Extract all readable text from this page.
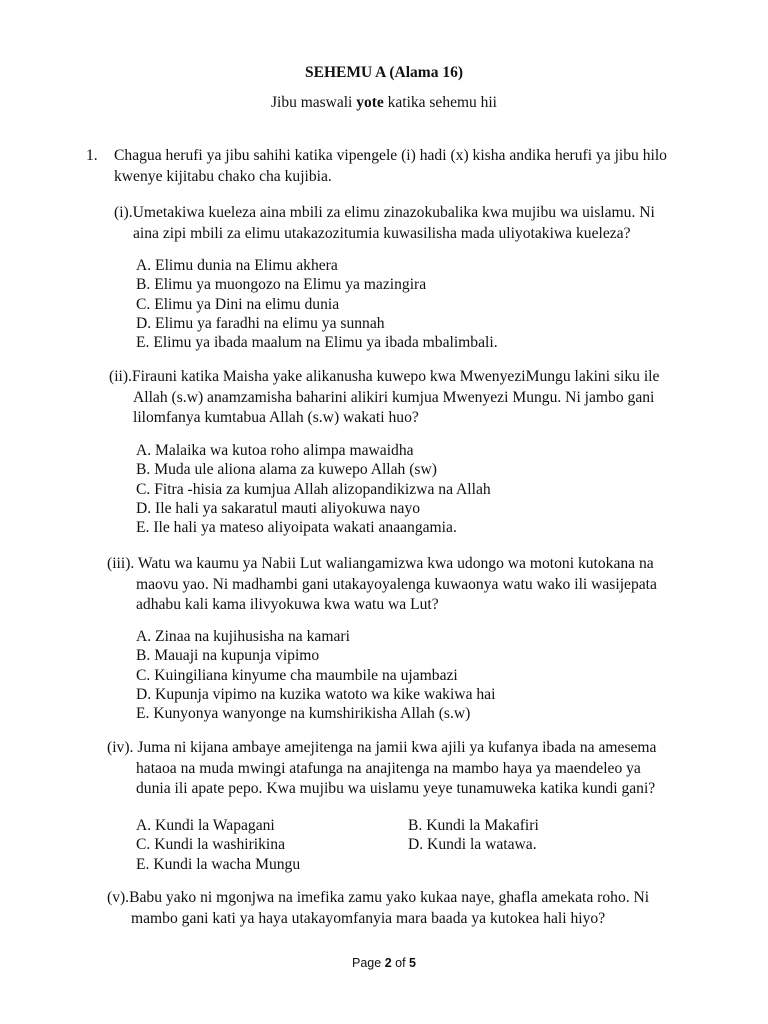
SEHEMU A (Alama 16)
Jibu maswali yote katika sehemu hii
1. Chagua herufi ya jibu sahihi katika vipengele (i) hadi (x) kisha andika herufi ya jibu hilo
kwenye kijitabu chako cha kujibia.
(i).Umetakiwa kueleza aina mbili za elimu zinazokubalika kwa mujibu wa uislamu. Ni
aina zipi mbili za elimu utakazozitumia kuwasilisha mada uliyotakiwa kueleza?
A. Elimu dunia na Elimu akhera
B. Elimu ya muongozo na Elimu ya mazingira
C. Elimu ya Dini na elimu dunia
D. Elimu ya faradhi na elimu ya sunnah
E. Elimu ya ibada maalum na Elimu ya ibada mbalimbali.
(ii).Firauni katika Maisha yake alikanusha kuwepo kwa MwenyeziMungu lakini siku ile
Allah (s.w) anamzamisha baharini alikiri kumjua Mwenyezi Mungu. Ni jambo gani
lilomfanya kumtabua Allah (s.w) wakati huo?
A. Malaika wa kutoa roho alimpa mawaidha
B. Muda ule aliona alama za kuwepo Allah (sw)
C. Fitra -hisia za kumjua Allah alizopandikizwa na Allah
D. Ile hali ya sakaratul mauti aliyokuwa nayo
E. Ile hali ya mateso aliyoipata wakati anaangamia.
(iii). Watu wa kaumu ya Nabii Lut waliangamizwa kwa udongo wa motoni kutokana na
maovu yao. Ni madhambi gani utakayoyalenga kuwaonya watu wako ili wasijepata
adhabu kali kama ilivyokuwa kwa watu wa Lut?
A. Zinaa na kujihusisha na kamari
B. Mauaji na kupunja vipimo
C. Kuingiliana kinyume cha maumbile na ujambazi
D. Kupunja vipimo na kuzika watoto wa kike wakiwa hai
E. Kunyonya wanyonge na kumshirikisha Allah (s.w)
(iv). Juma ni kijana ambaye amejitenga na jamii kwa ajili ya kufanya ibada na amesema
hataoa na muda mwingi atafunga na anajitenga na mambo haya ya maendeleo ya
dunia ili apate pepo. Kwa mujibu wa uislamu yeye tunamuweka katika kundi gani?
A. Kundi la Wapagani
C. Kundi la washirikina
E. Kundi la wacha Mungu
B. Kundi la Makafiri
D. Kundi la watawa.
(v).Babu yako ni mgonjwa na imefika zamu yako kukaa naye, ghafla amekata roho. Ni
mambo gani kati ya haya utakayomfanyia mara baada ya kutokea hali hiyo?
Page 2 of 5
